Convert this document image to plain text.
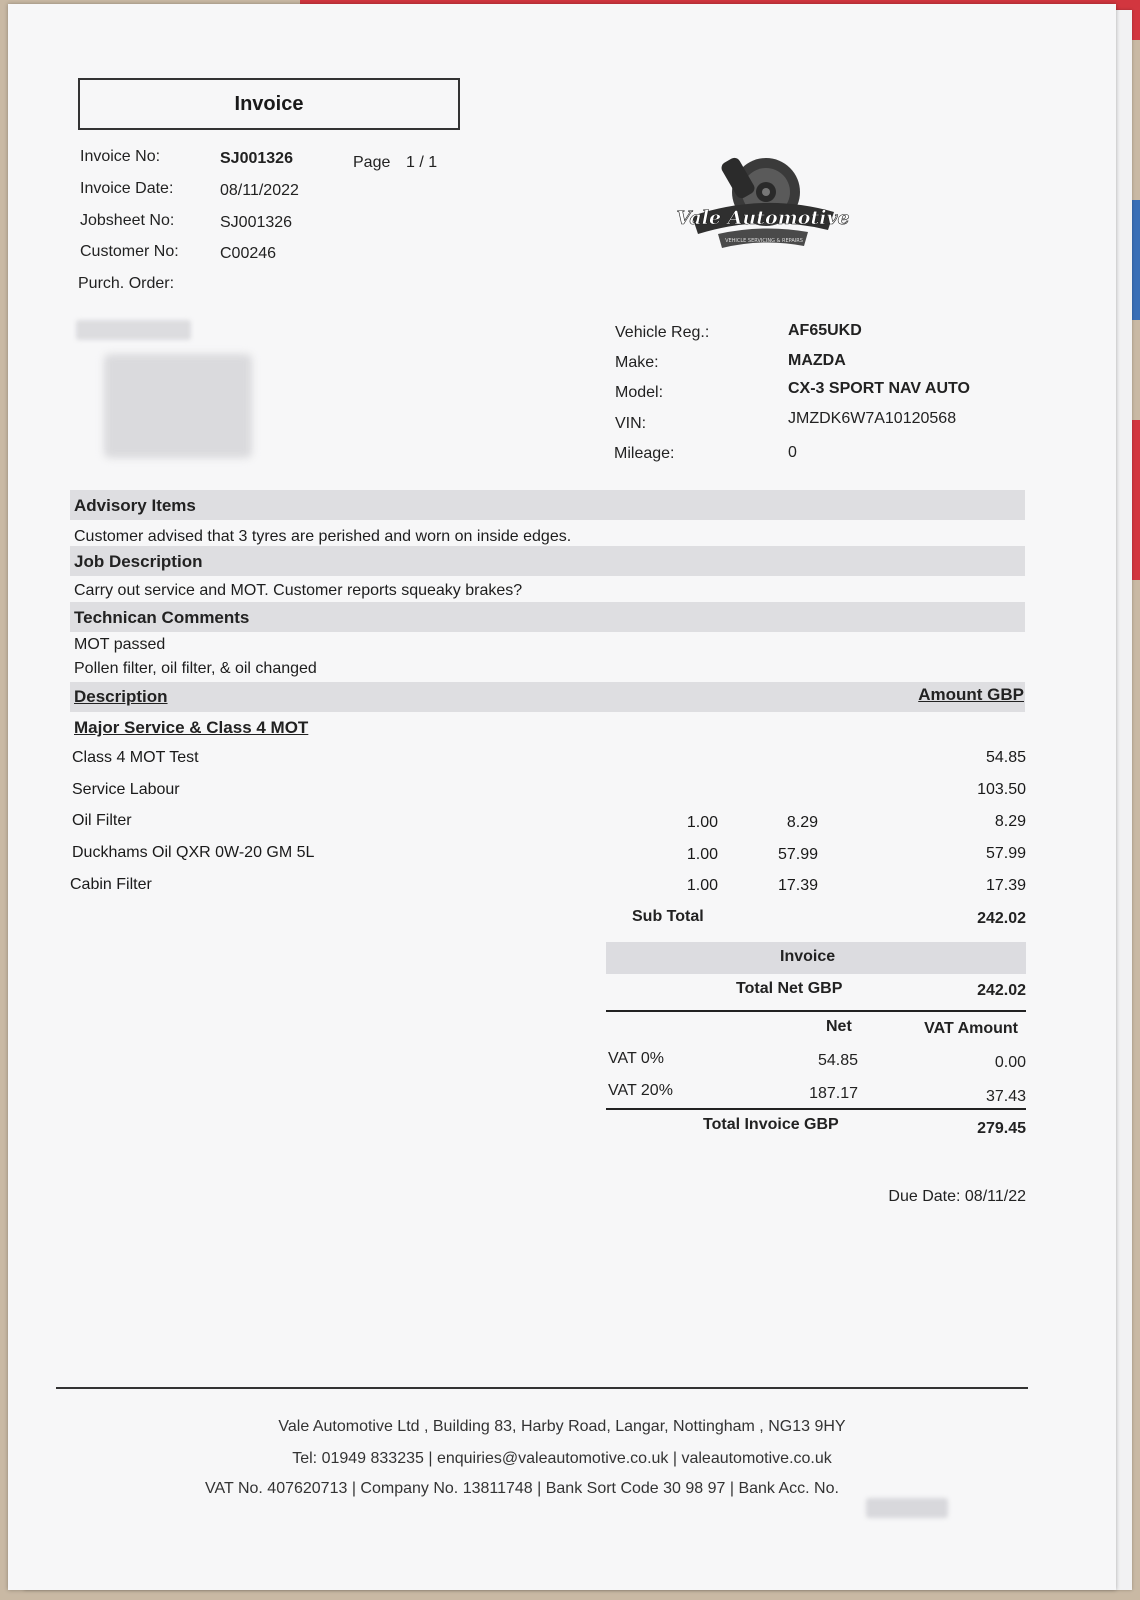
Invoice
Invoice No:	SJ001326	Page 1 / 1
Invoice Date:	08/11/2022
Jobsheet No:	SJ001326
Customer No:	C00246
Purch. Order:
Vale Automotive
VEHICLE SERVICING & REPAIRS
Vehicle Reg.:	AF65UKD
Make:	MAZDA
Model:	CX-3 SPORT NAV AUTO
VIN:	JMZDK6W7A10120568
Mileage:	0
Advisory Items
Customer advised that 3 tyres are perished and worn on inside edges.
Job Description
Carry out service and MOT. Customer reports squeaky brakes?
Technican Comments
MOT passed
Pollen filter, oil filter, & oil changed
Description	Amount GBP
Major Service & Class 4 MOT
Class 4 MOT Test	54.85
Service Labour	103.50
Oil Filter	1.00	8.29	8.29
Duckhams Oil QXR 0W-20 GM 5L	1.00	57.99	57.99
Cabin Filter	1.00	17.39	17.39
Sub Total	242.02
Invoice
Total Net GBP	242.02
Net	VAT Amount
VAT 0%	54.85	0.00
VAT 20%	187.17	37.43
Total Invoice GBP	279.45
Due Date: 08/11/22
Vale Automotive Ltd , Building 83, Harby Road, Langar, Nottingham , NG13 9HY
Tel: 01949 833235 | enquiries@valeautomotive.co.uk | valeautomotive.co.uk
VAT No. 407620713 | Company No. 13811748 | Bank Sort Code 30 98 97 | Bank Acc. No.
